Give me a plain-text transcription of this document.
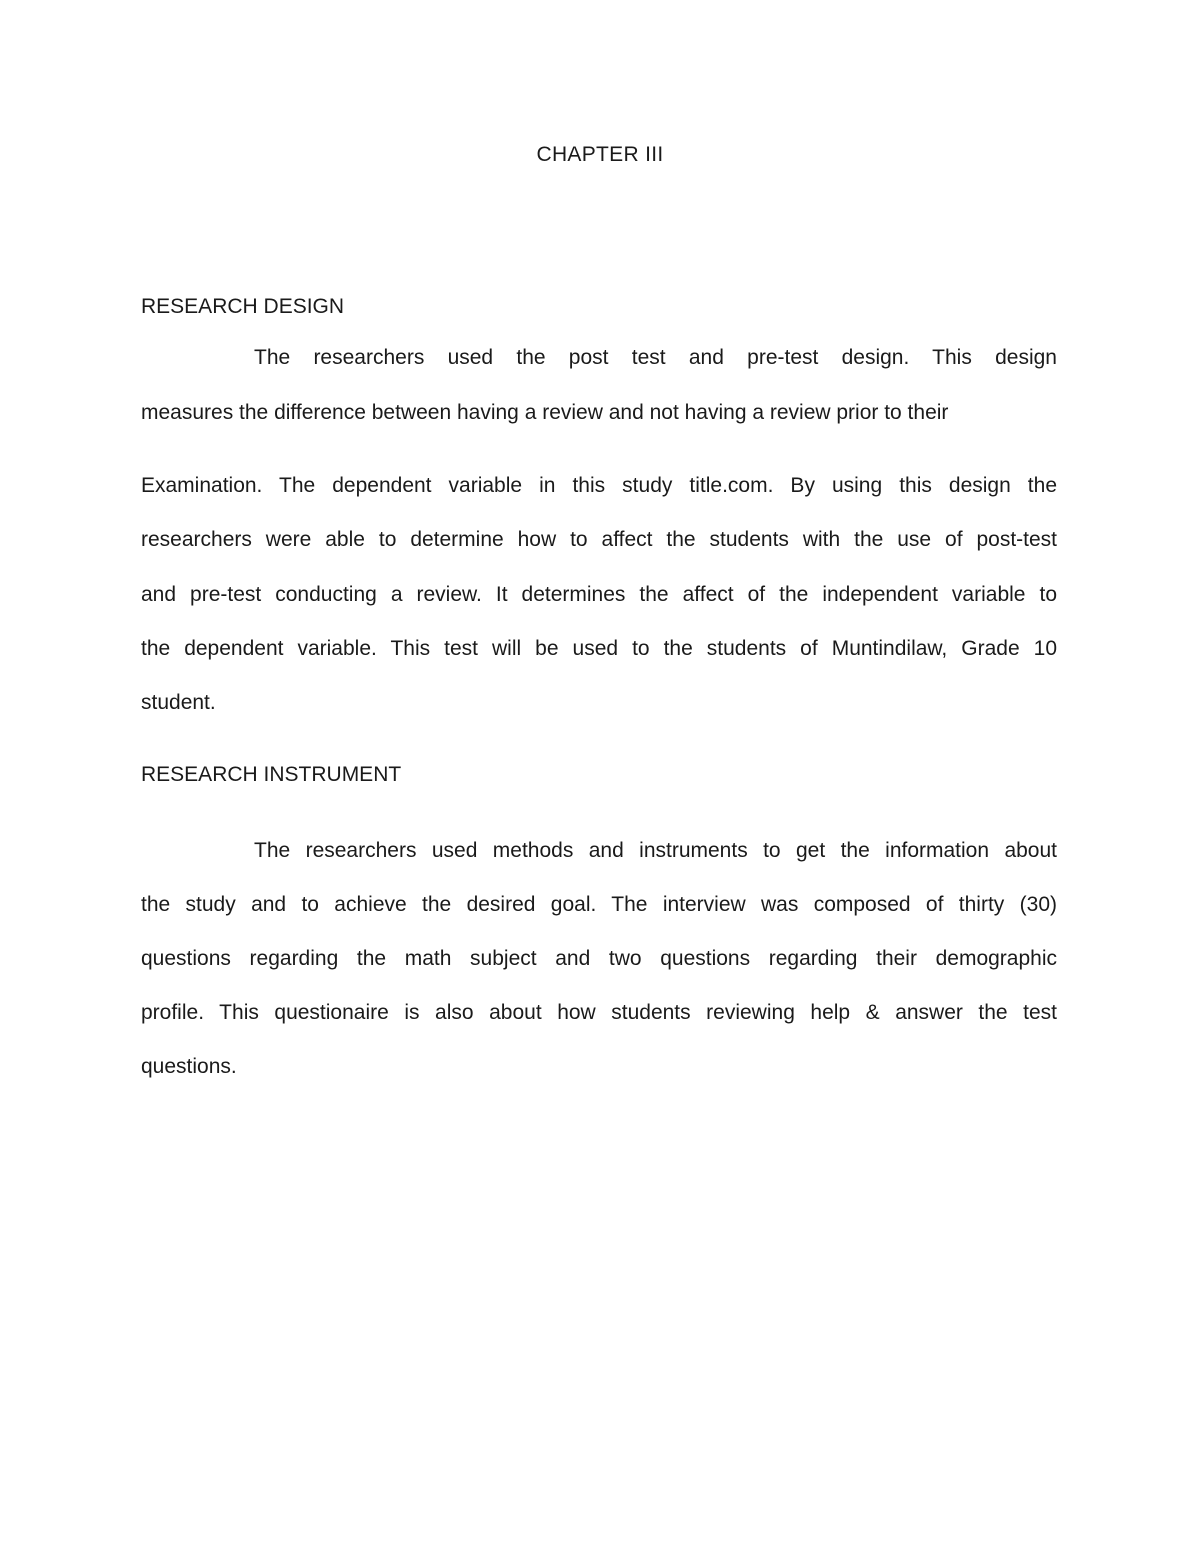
CHAPTER III
RESEARCH DESIGN
The researchers used the post test and pre-test design. This design
measures the difference between having a review and not having a review prior to their
Examination. The dependent variable in this study title.com. By using this design the
researchers were able to determine how to affect the students with the use of post-test
and pre-test conducting a review. It determines the affect of the independent variable to
the dependent variable. This test will be used to the students of Muntindilaw, Grade 10
student.
RESEARCH INSTRUMENT
The researchers used methods and instruments to get the information about
the study and to achieve the desired goal. The interview was composed of thirty (30)
questions regarding the math subject and two questions regarding their demographic
profile. This questionaire is also about how students reviewing help & answer the test
questions.
